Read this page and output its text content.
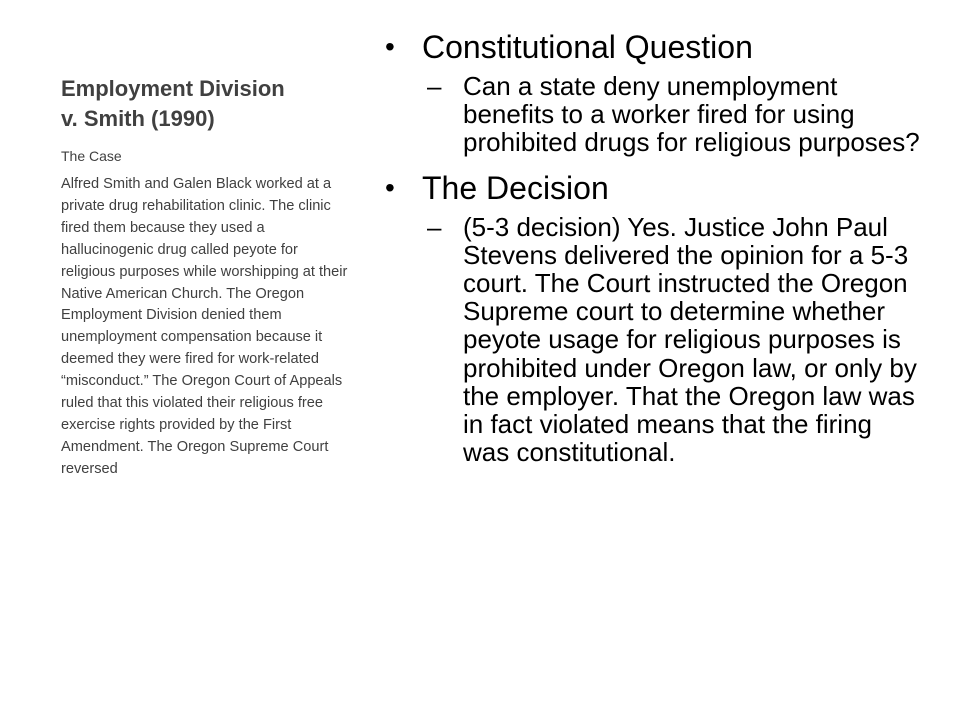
Employment Division
v. Smith (1990)

The Case

Alfred Smith and Galen Black worked at a private drug rehabilitation clinic. The clinic fired them because they used a hallucinogenic drug called peyote for religious purposes while worshipping at their Native American Church. The Oregon Employment Division denied them unemployment compensation because it deemed they were fired for work-related “misconduct.” The Oregon Court of Appeals ruled that this violated their religious free exercise rights provided by the First Amendment. The Oregon Supreme Court reversed

• Constitutional Question
– Can a state deny unemployment benefits to a worker fired for using prohibited drugs for religious purposes?
• The Decision
– (5-3 decision) Yes. Justice John Paul Stevens delivered the opinion for a 5-3 court. The Court instructed the Oregon Supreme court to determine whether peyote usage for religious purposes is prohibited under Oregon law, or only by the employer. That the Oregon law was in fact violated means that the firing was constitutional.
